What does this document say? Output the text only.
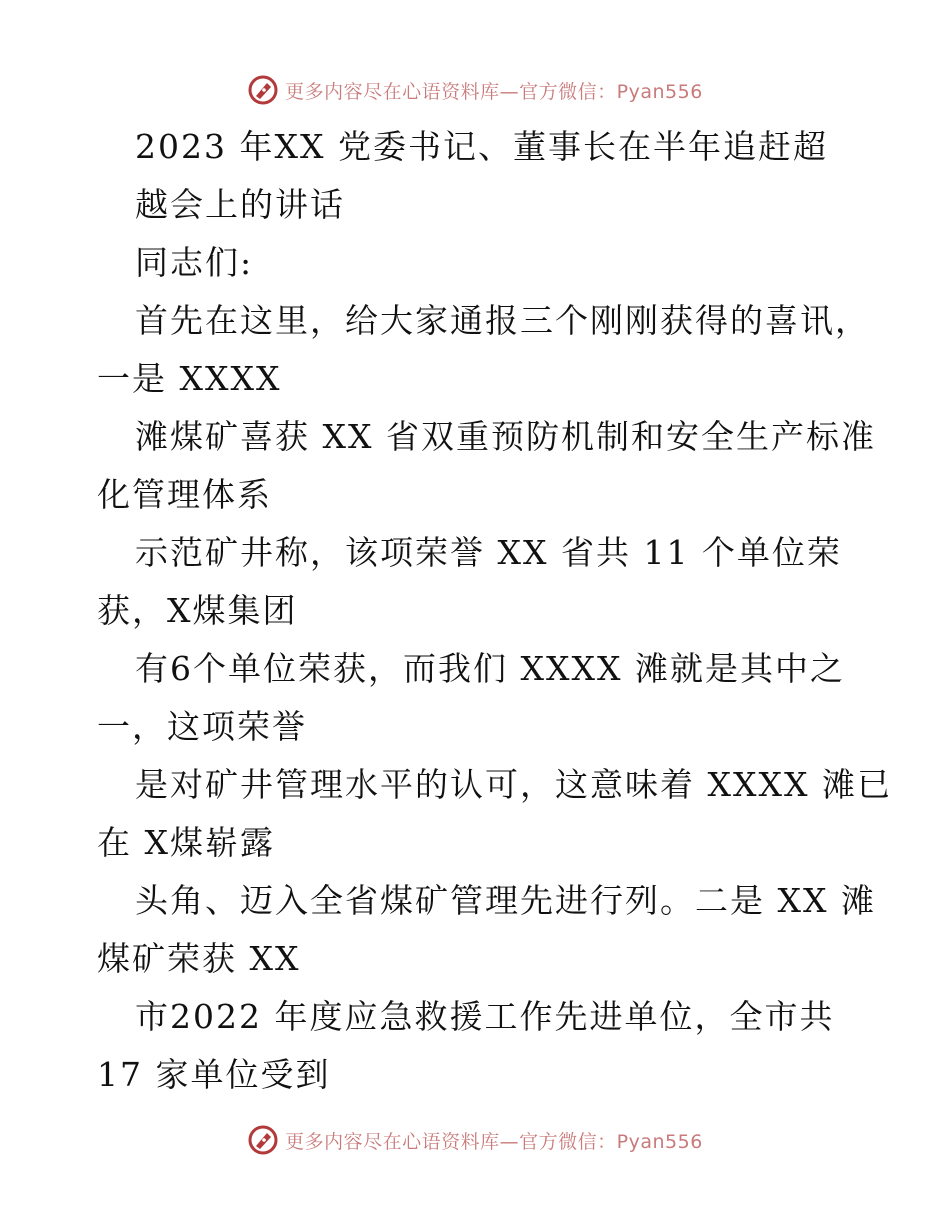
更多内容尽在心语资料库—官方微信：Pyan556
2023 年XX 党委书记、董事长在半年追赶超
越会上的讲话
同志们:
首先在这里，给大家通报三个刚刚获得的喜讯，
一是 XXXX
滩煤矿喜获 XX 省双重预防机制和安全生产标准
化管理体系
示范矿井称，该项荣誉 XX 省共 11 个单位荣
获，X煤集团
有6个单位荣获，而我们 XXXX 滩就是其中之
一，这项荣誉
是对矿井管理水平的认可，这意味着 XXXX 滩已
在 X煤崭露
头角、迈入全省煤矿管理先进行列。二是 XX 滩
煤矿荣获 XX
市2022 年度应急救援工作先进单位，全市共
17 家单位受到
更多内容尽在心语资料库—官方微信：Pyan556
